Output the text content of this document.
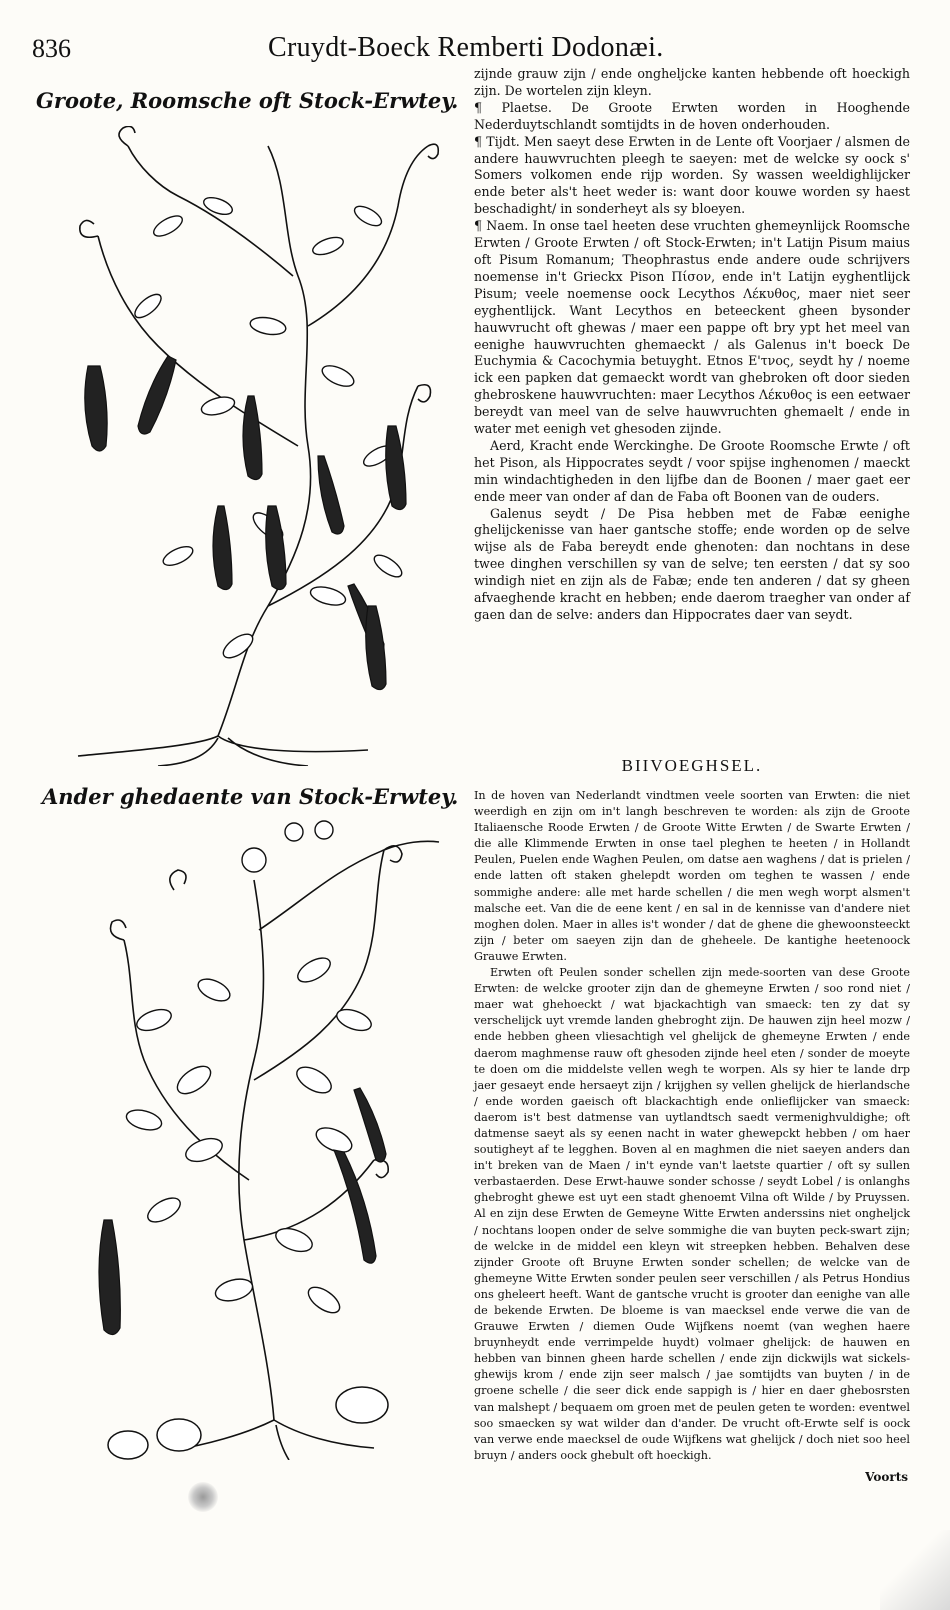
836	Cruydt-Boeck Remberti Dodonæi.
Groote, Roomsche oft Stock-Erwtey.
Ander ghedaente van Stock-Erwtey.

zijnde grauw zijn / ende ongheljcke kanten hebbende oft hoeckigh zijn. De wortelen zijn kleyn.

¶ Plaetse. De Groote Erwten worden in Hooghende Nederduytschlandt somtijdts in de hoven onderhouden.

¶ Tijdt. Men saeyt dese Erwten in de Lente oft Voorjaer / alsmen de andere hauwvruchten pleegh te saeyen: met de welcke sy oock s' Somers volkomen ende rijp worden. Sy wassen weeldighlijcker ende beter als't heet weder is: want door kouwe worden sy haest beschadight/ in sonderheyt als sy bloeyen.

¶ Naem. In onse tael heeten dese vruchten ghemeynlijck Roomsche Erwten / Groote Erwten / oft Stock-Erwten; in't Latijn Pisum maius oft Pisum Romanum; Theophrastus ende andere oude schrijvers noemense in't Grieckx Pison Πίσον, ende in't Latijn eyghentlijck Pisum; veele noemense oock Lecythos Λέκυθος, maer niet seer eyghentlijck. Want Lecythos en beteeckent gheen bysonder hauwvrucht oft ghewas / maer een pappe oft bry ypt het meel van eenighe hauwvruchten ghemaeckt / als Galenus in't boeck De Euchymia & Cacochymia betuyght. Etnos Ε'τνος, seydt hy / noeme ick een papken dat gemaeckt wordt van ghebroken oft door sieden ghebroskene hauwvruchten: maer Lecythos Λέκυθος is een eetwaer bereydt van meel van de selve hauwvruchten ghemaelt / ende in water met eenigh vet ghesoden zijnde.

Aerd, Kracht ende Werckinghe. De Groote Roomsche Erwte / oft het Pison, als Hippocrates seydt / voor spijse inghenomen / maeckt min windachtigheden in den lijfbe dan de Boonen / maer gaet eer ende meer van onder af dan de Faba oft Boonen van de ouders.

Galenus seydt / De Pisa hebben met de Fabæ eenighe ghelijckenisse van haer gantsche stoffe; ende worden op de selve wijse als de Faba bereydt ende ghenoten: dan nochtans in dese twee dinghen verschillen sy van de selve; ten eersten / dat sy soo windigh niet en zijn als de Fabæ; ende ten anderen / dat sy gheen afvaeghende kracht en hebben; ende daerom traegher van onder af gaen dan de selve: anders dan Hippocrates daer van seydt.

BIIVOEGHSEL.

In de hoven van Nederlandt vindtmen veele soorten van Erwten: die niet weerdigh en zijn om in't langh beschreven te worden: als zijn de Groote Italiaensche Roode Erwten / de Groote Witte Erwten / de Swarte Erwten / die alle Klimmende Erwten in onse tael pleghen te heeten / in Hollandt Peulen, Puelen ende Waghen Peulen, om datse aen waghens / dat is prielen / ende latten oft staken ghelepdt worden om teghen te wassen / ende sommighe andere: alle met harde schellen / die men wegh worpt alsmen't malsche eet. Van die de eene kent / en sal in de kennisse van d'andere niet moghen dolen. Maer in alles is't wonder / dat de ghene die ghewoonsteeckt zijn / beter om saeyen zijn dan de gheheele. De kantighe heetenoock Grauwe Erwten.

Erwten oft Peulen sonder schellen zijn mede-soorten van dese Groote Erwten: de welcke grooter zijn dan de ghemeyne Erwten / soo rond niet / maer wat ghehoeckt / wat bjackachtigh van smaeck: ten zy dat sy verschelijck uyt vremde landen ghebroght zijn. De hauwen zijn heel mozw / ende hebben gheen vliesachtigh vel ghelijck de ghemeyne Erwten / ende daerom maghmense rauw oft ghesoden zijnde heel eten / sonder de moeyte te doen om die middelste vellen wegh te worpen. Als sy hier te lande drp jaer gesaeyt ende hersaeyt zijn / krijghen sy vellen ghelijck de hierlandsche / ende worden gaeisch oft blackachtigh ende onlieflijcker van smaeck: daerom is't best datmense van uytlandtsch saedt vermenighvuldighe; oft datmense saeyt als sy eenen nacht in water ghewepckt hebben / om haer soutigheyt af te legghen. Boven al en maghmen die niet saeyen anders dan in't breken van de Maen / in't eynde van't laetste quartier / oft sy sullen verbastaerden. Dese Erwt-hauwe sonder schosse / seydt Lobel / is onlanghs ghebroght ghewe est uyt een stadt ghenoemt Vilna oft Wilde / by Pruyssen. Al en zijn dese Erwten de Gemeyne Witte Erwten anderssins niet ongheljck / nochtans loopen onder de selve sommighe die van buyten peck-swart zijn; de welcke in de middel een kleyn wit streepken hebben. Behalven dese zijnder Groote oft Bruyne Erwten sonder schellen; de welcke van de ghemeyne Witte Erwten sonder peulen seer verschillen / als Petrus Hondius ons gheleert heeft. Want de gantsche vrucht is grooter dan eenighe van alle de bekende Erwten. De bloeme is van maecksel ende verwe die van de Grauwe Erwten / diemen Oude Wijfkens noemt (van weghen haere bruynheydt ende verrimpelde huydt) volmaer ghelijck: de hauwen en hebben van binnen gheen harde schellen / ende zijn dickwijls wat sickels-ghewijs krom / ende zijn seer malsch / jae somtijdts van buyten / in de groene schelle / die seer dick ende sappigh is / hier en daer ghebosrsten van malshept / bequaem om groen met de peulen geten te worden: eventwel soo smaecken sy wat wilder dan d'ander. De vrucht oft-Erwte self is oock van verwe ende maecksel de oude Wijfkens wat ghelijck / doch niet soo heel bruyn / anders oock ghebult oft hoeckigh.

Voorts
